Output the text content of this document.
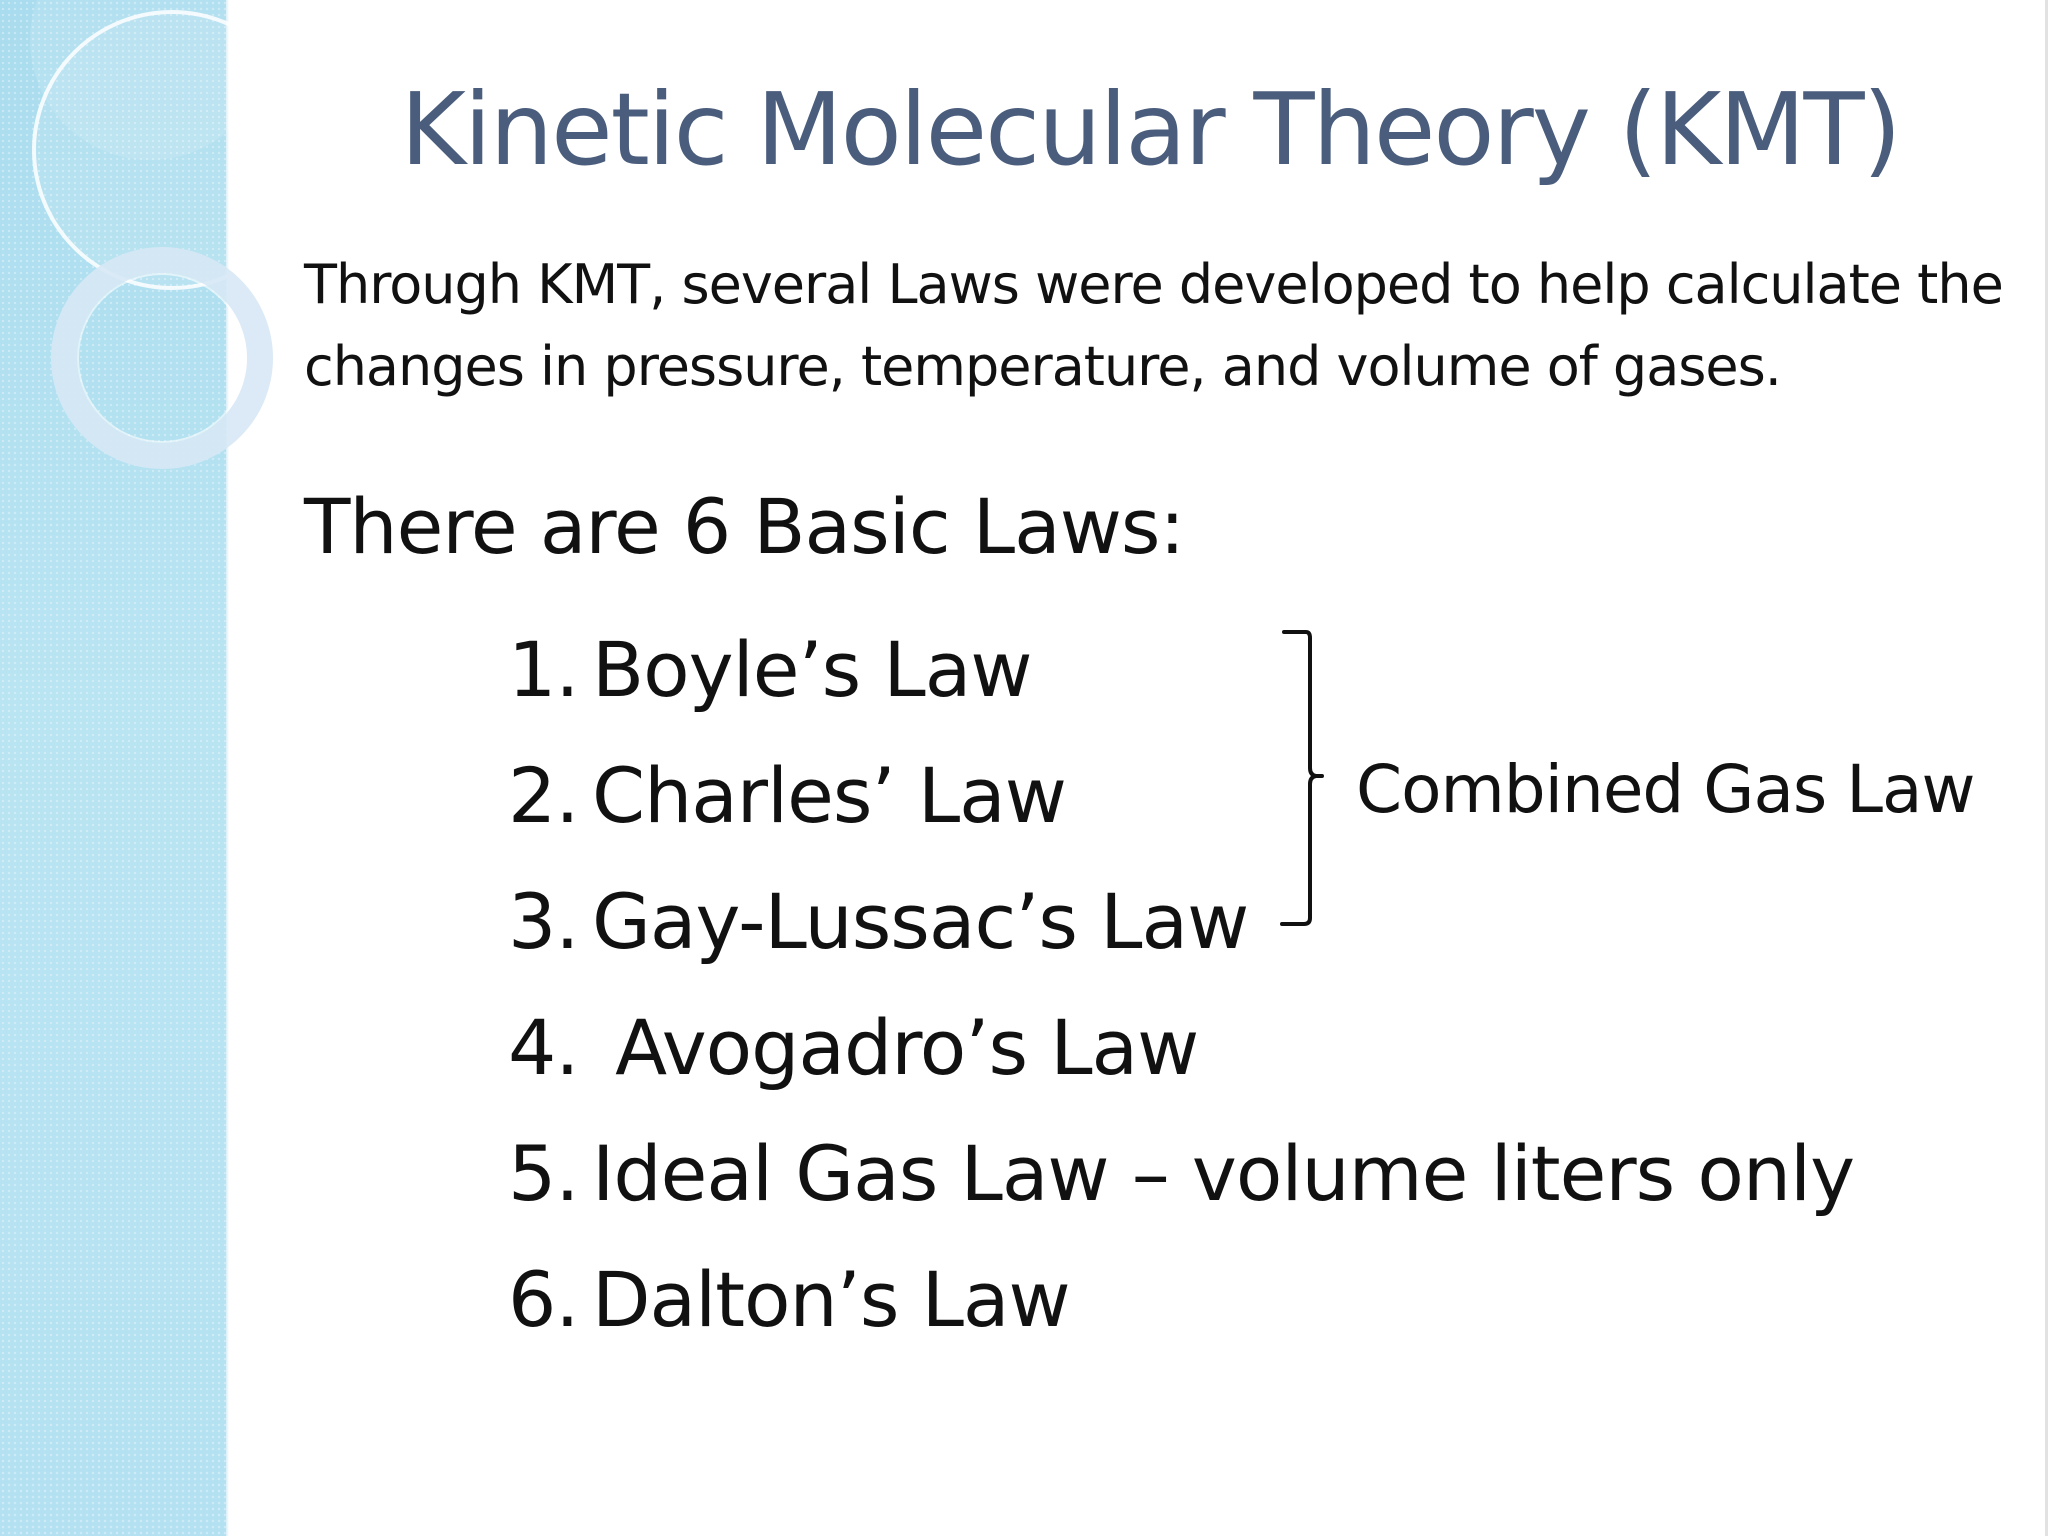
Kinetic Molecular Theory (KMT)

Through KMT, several Laws were developed to help calculate the changes in pressure, temperature, and volume of gases.

There are 6 Basic Laws:

1. Boyle’s Law
2. Charles’ Law
3. Gay-Lussac’s Law
4. Avogadro’s Law
5. Ideal Gas Law – volume liters only
6. Dalton’s Law

Combined Gas Law
